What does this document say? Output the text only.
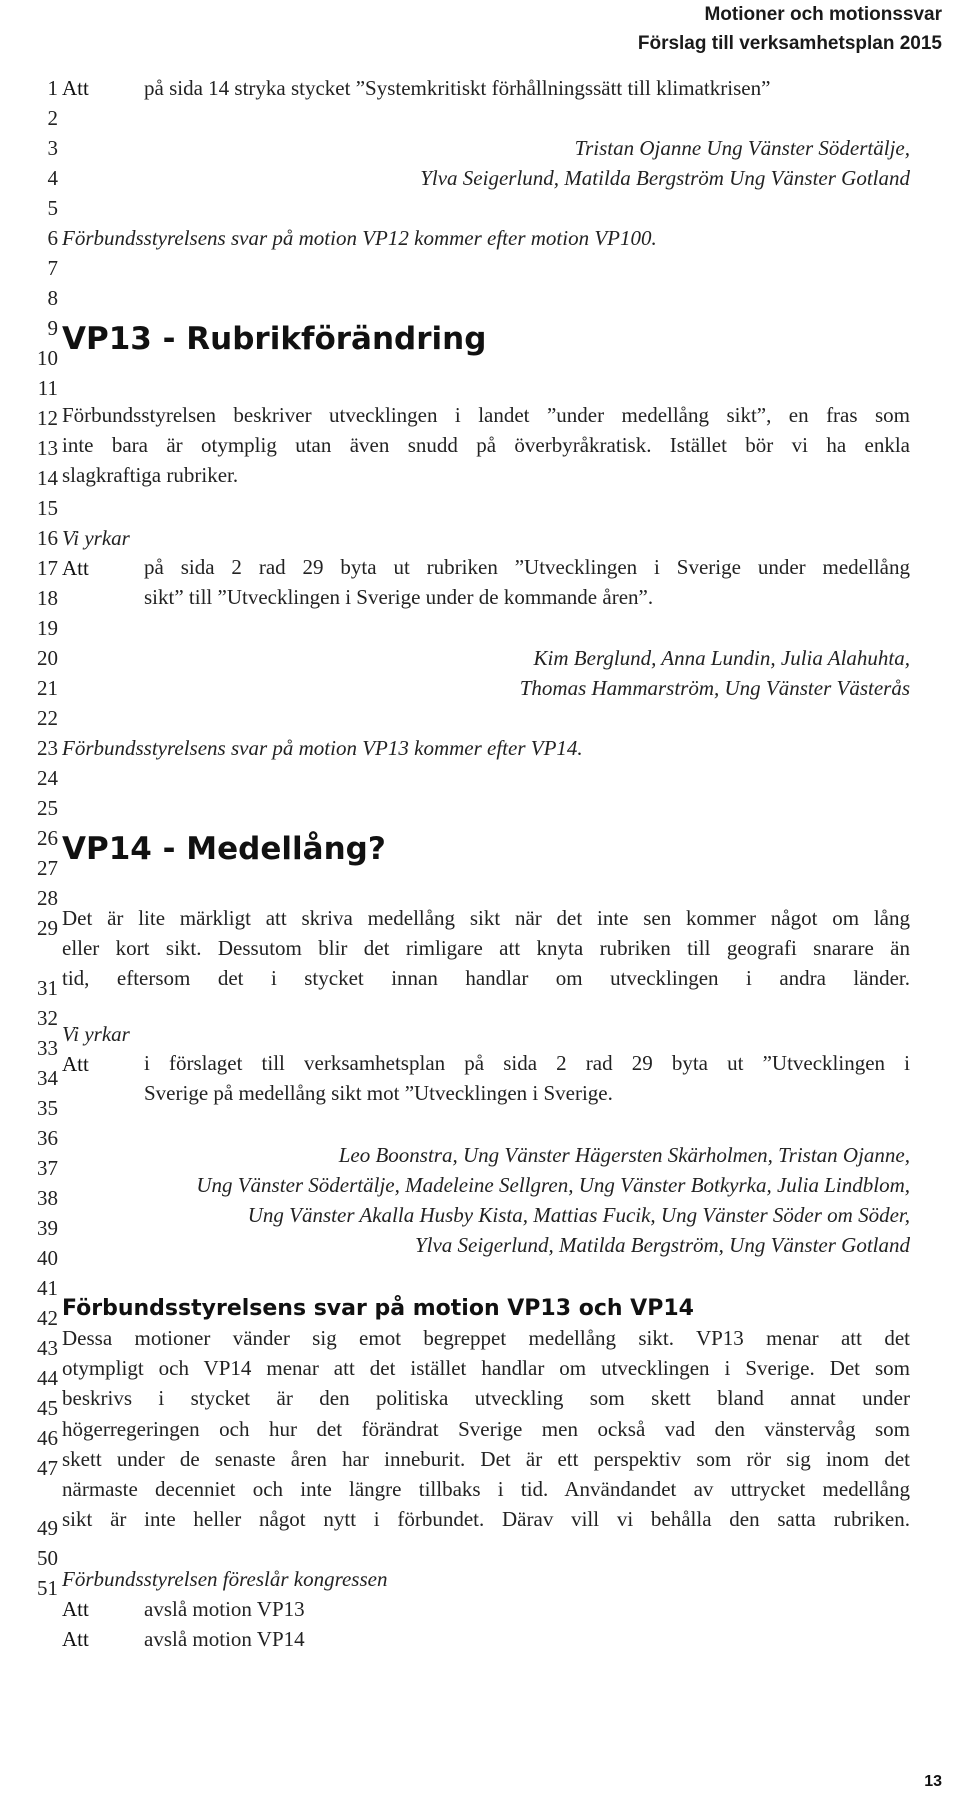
Motioner och motionssvar
Förslag till verksamhetsplan 2015
1
2
3
4
5
6
7
8
9
10
11
12
13
14
15
16
17
18
19
20
21
22
23
24
25
26
27
28
29
31
32
33
34
35
36
37
38
39
40
41
42
43
44
45
46
47
49
50
51
Att	på sida 14 stryka stycket ”Systemkritiskt förhållningssätt till klimatkrisen”
Tristan Ojanne Ung Vänster Södertälje,
Ylva Seigerlund, Matilda Bergström Ung Vänster Gotland
Förbundsstyrelsens svar på motion VP12 kommer efter motion VP100.
VP13 - Rubrikförändring
Förbundsstyrelsen beskriver utvecklingen i landet ”under medellång sikt”, en fras som
inte bara är otymplig utan även snudd på överbyråkratisk. Istället bör vi ha enkla
slagkraftiga rubriker.
Vi yrkar
Att	på sida 2 rad 29 byta ut rubriken ”Utvecklingen i Sverige under medellång
sikt” till ”Utvecklingen i Sverige under de kommande åren”.
Kim Berglund, Anna Lundin, Julia Alahuhta,
Thomas Hammarström, Ung Vänster Västerås
Förbundsstyrelsens svar på motion VP13 kommer efter VP14.
VP14 - Medellång?
Det är lite märkligt att skriva medellång sikt när det inte sen kommer något om lång
eller kort sikt. Dessutom blir det rimligare att knyta rubriken till geografi snarare än
tid, eftersom det i stycket innan handlar om utvecklingen i andra länder.
Vi yrkar
Att	i förslaget till verksamhetsplan på sida 2 rad 29 byta ut ”Utvecklingen i
Sverige på medellång sikt mot ”Utvecklingen i Sverige.
Leo Boonstra, Ung Vänster Hägersten Skärholmen, Tristan Ojanne,
Ung Vänster Södertälje, Madeleine Sellgren, Ung Vänster Botkyrka, Julia Lindblom,
Ung Vänster Akalla Husby Kista, Mattias Fucik, Ung Vänster Söder om Söder,
Ylva Seigerlund, Matilda Bergström, Ung Vänster Gotland
Förbundsstyrelsens svar på motion VP13 och VP14
Dessa motioner vänder sig emot begreppet medellång sikt. VP13 menar att det
otympligt och VP14 menar att det istället handlar om utvecklingen i Sverige. Det som
beskrivs i stycket är den politiska utveckling som skett bland annat under
högerregeringen och hur det förändrat Sverige men också vad den vänstervåg som
skett under de senaste åren har inneburit. Det är ett perspektiv som rör sig inom det
närmaste decenniet och inte längre tillbaks i tid. Användandet av uttrycket medellång
sikt är inte heller något nytt i förbundet. Därav vill vi behålla den satta rubriken.
Förbundsstyrelsen föreslår kongressen
Att	avslå motion VP13
Att	avslå motion VP14
13
